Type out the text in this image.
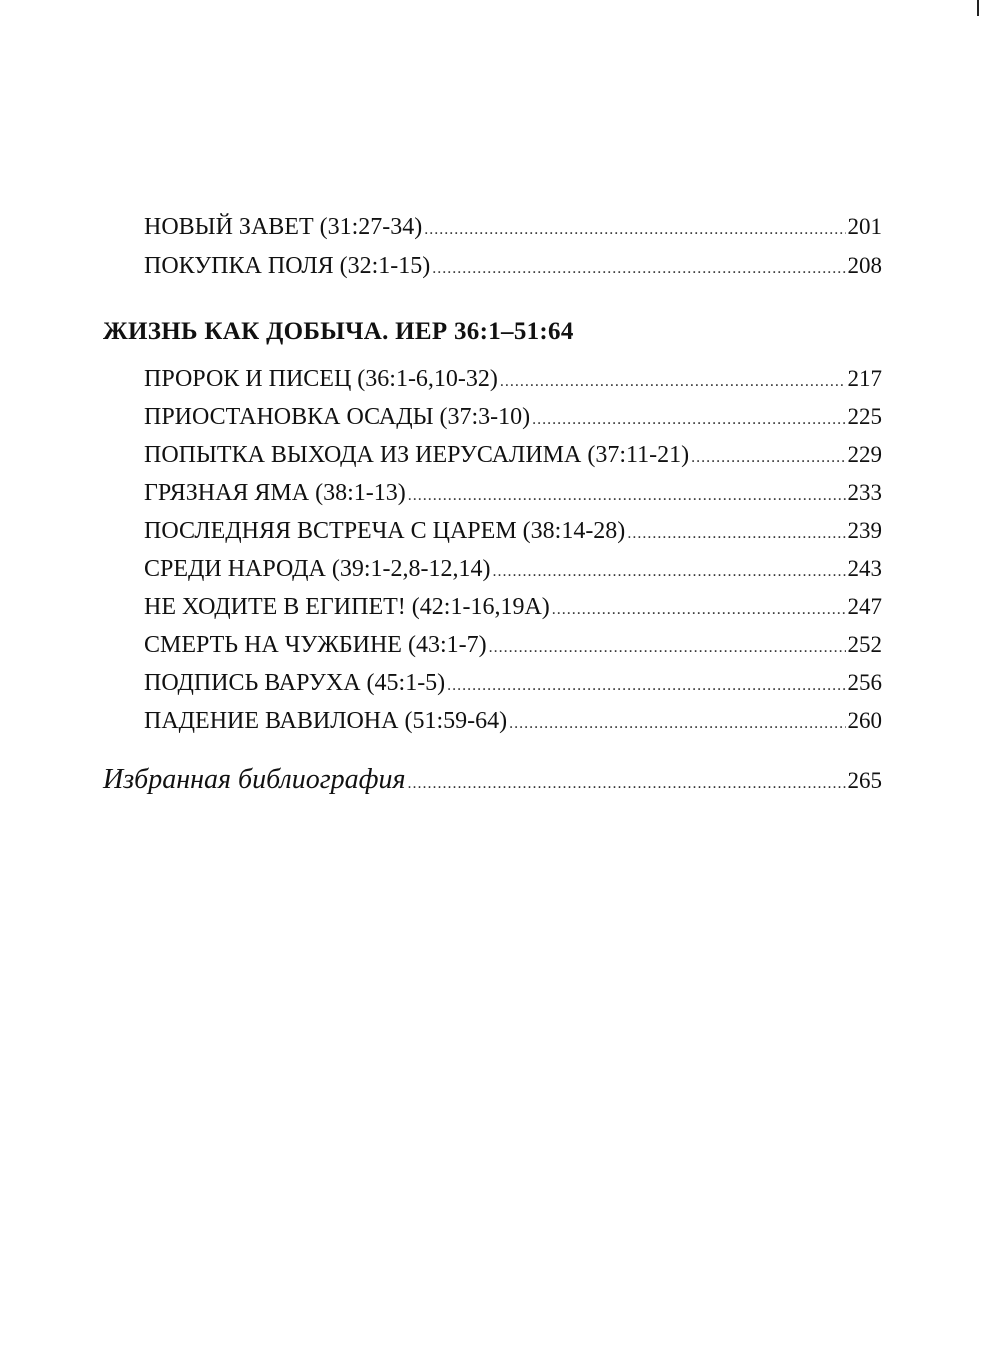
НОВЫЙ ЗАВЕТ (31:27-34) .....	201
ПОКУПКА ПОЛЯ (32:1-15) .....	208
ЖИЗНЬ КАК ДОБЫЧА. ИЕР 36:1–51:64
ПРОРОК И ПИСЕЦ (36:1-6,10-32) .....	217
ПРИОСТАНОВКА ОСАДЫ (37:3-10) .....	225
ПОПЫТКА ВЫХОДА ИЗ ИЕРУСАЛИМА (37:11-21) .....	229
ГРЯЗНАЯ ЯМА (38:1-13) .....	233
ПОСЛЕДНЯЯ ВСТРЕЧА С ЦАРЕМ (38:14-28) .....	239
СРЕДИ НАРОДА (39:1-2,8-12,14) .....	243
НЕ ХОДИТЕ В ЕГИПЕТ! (42:1-16,19А) .....	247
СМЕРТЬ НА ЧУЖБИНЕ (43:1-7) .....	252
ПОДПИСЬ ВАРУХА (45:1-5) .....	256
ПАДЕНИЕ ВАВИЛОНА (51:59-64) .....	260
Избранная библиография .....	265
